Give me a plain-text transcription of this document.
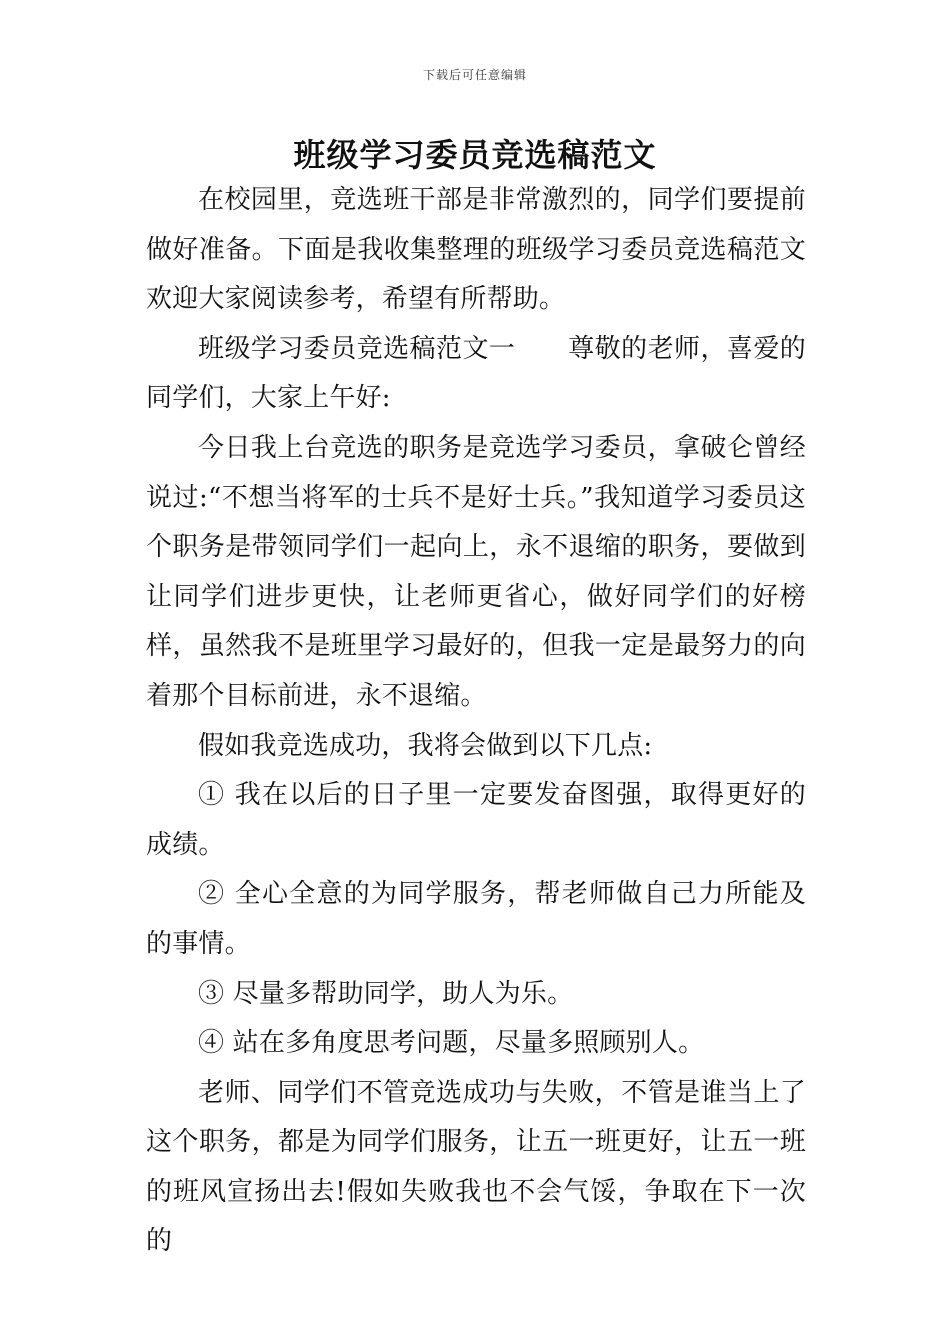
下载后可任意编辑
班级学习委员竞选稿范文

在校园里，竞选班干部是非常激烈的，同学们要提前做好准备。下面是我收集整理的班级学习委员竞选稿范文欢迎大家阅读参考，希望有所帮助。

班级学习委员竞选稿范文一　　尊敬的老师，喜爱的同学们，大家上午好:

今日我上台竞选的职务是竞选学习委员，拿破仑曾经说过:“不想当将军的士兵不是好士兵。”我知道学习委员这个职务是带领同学们一起向上，永不退缩的职务，要做到让同学们进步更快，让老师更省心，做好同学们的好榜样，虽然我不是班里学习最好的，但我一定是最努力的向着那个目标前进，永不退缩。

假如我竞选成功，我将会做到以下几点:

① 我在以后的日子里一定要发奋图强，取得更好的成绩。

② 全心全意的为同学服务，帮老师做自己力所能及的事情。

③ 尽量多帮助同学，助人为乐。

④ 站在多角度思考问题，尽量多照顾别人。

老师、同学们不管竞选成功与失败，不管是谁当上了这个职务，都是为同学们服务，让五一班更好，让五一班的班风宣扬出去!假如失败我也不会气馁，争取在下一次的
